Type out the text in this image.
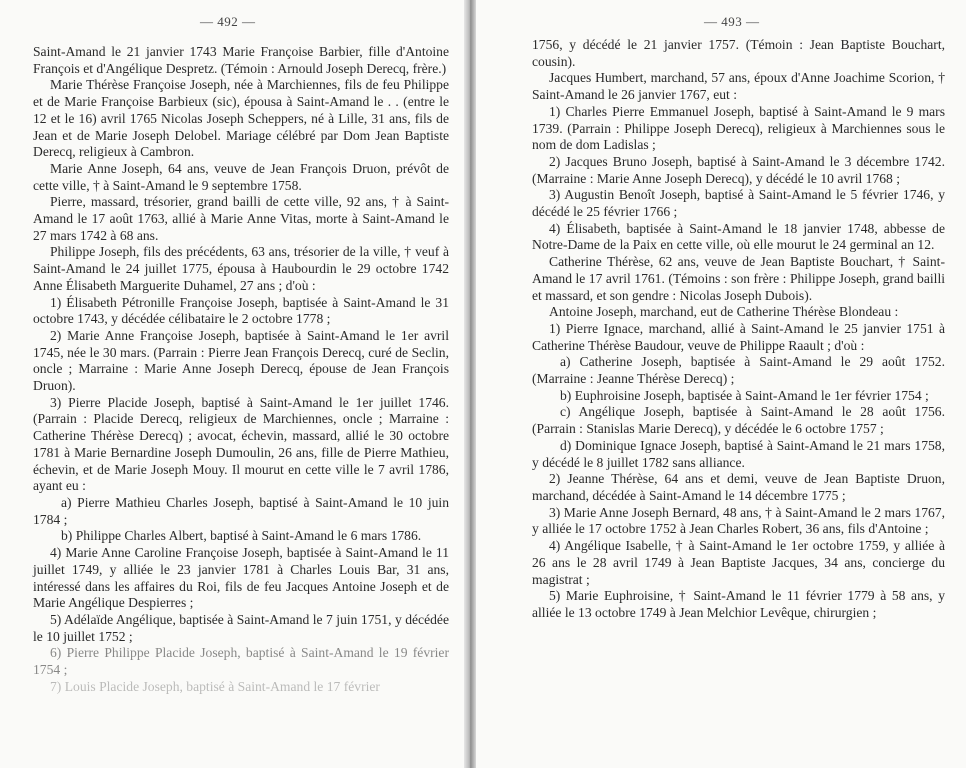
— 492 —

Saint-Amand le 21 janvier 1743 Marie Françoise Barbier, fille d'Antoine François et d'Angélique Despretz. (Témoin : Arnould Joseph Derecq, frère.)

Marie Thérèse Françoise Joseph, née à Marchiennes, fils de feu Philippe et de Marie Françoise Barbieux (sic), épousa à Saint-Amand le . . (entre le 12 et le 16) avril 1765 Nicolas Joseph Scheppers, né à Lille, 31 ans, fils de Jean et de Marie Joseph Delobel. Mariage célébré par Dom Jean Baptiste Derecq, religieux à Cambron.

Marie Anne Joseph, 64 ans, veuve de Jean François Druon, prévôt de cette ville, † à Saint-Amand le 9 septembre 1758.

Pierre, massard, trésorier, grand bailli de cette ville, 92 ans, † à Saint-Amand le 17 août 1763, allié à Marie Anne Vitas, morte à Saint-Amand le 27 mars 1742 à 68 ans.

Philippe Joseph, fils des précédents, 63 ans, trésorier de la ville, † veuf à Saint-Amand le 24 juillet 1775, épousa à Haubourdin le 29 octobre 1742 Anne Élisabeth Marguerite Duhamel, 27 ans ; d'où :

1) Élisabeth Pétronille Françoise Joseph, baptisée à Saint-Amand le 31 octobre 1743, y décédée célibataire le 2 octobre 1778 ;

2) Marie Anne Françoise Joseph, baptisée à Saint-Amand le 1er avril 1745, née le 30 mars. (Parrain : Pierre Jean François Derecq, curé de Seclin, oncle ; Marraine : Marie Anne Joseph Derecq, épouse de Jean François Druon).

3) Pierre Placide Joseph, baptisé à Saint-Amand le 1er juillet 1746. (Parrain : Placide Derecq, religieux de Marchiennes, oncle ; Marraine : Catherine Thérèse Derecq) ; avocat, échevin, massard, allié le 30 octobre 1781 à Marie Bernardine Joseph Dumoulin, 26 ans, fille de Pierre Mathieu, échevin, et de Marie Joseph Mouy. Il mourut en cette ville le 7 avril 1786, ayant eu :

a) Pierre Mathieu Charles Joseph, baptisé à Saint-Amand le 10 juin 1784 ;

b) Philippe Charles Albert, baptisé à Saint-Amand le 6 mars 1786.

4) Marie Anne Caroline Françoise Joseph, baptisée à Saint-Amand le 11 juillet 1749, y alliée le 23 janvier 1781 à Charles Louis Bar, 31 ans, intéressé dans les affaires du Roi, fils de feu Jacques Antoine Joseph et de Marie Angélique Despierres ;

5) Adélaïde Angélique, baptisée à Saint-Amand le 7 juin 1751, y décédée le 10 juillet 1752 ;

6) Pierre Philippe Placide Joseph, baptisé à Saint-Amand le 19 février 1754 ;

7) Louis Placide Joseph, baptisé à Saint-Amand le 17 février

— 493 —

1756, y décédé le 21 janvier 1757. (Témoin : Jean Baptiste Bouchart, cousin).

Jacques Humbert, marchand, 57 ans, époux d'Anne Joachime Scorion, † Saint-Amand le 26 janvier 1767, eut :

1) Charles Pierre Emmanuel Joseph, baptisé à Saint-Amand le 9 mars 1739. (Parrain : Philippe Joseph Derecq), religieux à Marchiennes sous le nom de dom Ladislas ;

2) Jacques Bruno Joseph, baptisé à Saint-Amand le 3 décembre 1742. (Marraine : Marie Anne Joseph Derecq), y décédé le 10 avril 1768 ;

3) Augustin Benoît Joseph, baptisé à Saint-Amand le 5 février 1746, y décédé le 25 février 1766 ;

4) Élisabeth, baptisée à Saint-Amand le 18 janvier 1748, abbesse de Notre-Dame de la Paix en cette ville, où elle mourut le 24 germinal an 12.

Catherine Thérèse, 62 ans, veuve de Jean Baptiste Bouchart, † Saint-Amand le 17 avril 1761. (Témoins : son frère : Philippe Joseph, grand bailli et massard, et son gendre : Nicolas Joseph Dubois).

Antoine Joseph, marchand, eut de Catherine Thérèse Blondeau :

1) Pierre Ignace, marchand, allié à Saint-Amand le 25 janvier 1751 à Catherine Thérèse Baudour, veuve de Philippe Raault ; d'où :

a) Catherine Joseph, baptisée à Saint-Amand le 29 août 1752. (Marraine : Jeanne Thérèse Derecq) ;

b) Euphroisine Joseph, baptisée à Saint-Amand le 1er février 1754 ;

c) Angélique Joseph, baptisée à Saint-Amand le 28 août 1756. (Parrain : Stanislas Marie Derecq), y décédée le 6 octobre 1757 ;

d) Dominique Ignace Joseph, baptisé à Saint-Amand le 21 mars 1758, y décédé le 8 juillet 1782 sans alliance.

2) Jeanne Thérèse, 64 ans et demi, veuve de Jean Baptiste Druon, marchand, décédée à Saint-Amand le 14 décembre 1775 ;

3) Marie Anne Joseph Bernard, 48 ans, † à Saint-Amand le 2 mars 1767, y alliée le 17 octobre 1752 à Jean Charles Robert, 36 ans, fils d'Antoine ;

4) Angélique Isabelle, † à Saint-Amand le 1er octobre 1759, y alliée à 26 ans le 28 avril 1749 à Jean Baptiste Jacques, 34 ans, concierge du magistrat ;

5) Marie Euphroisine, † Saint-Amand le 11 février 1779 à 58 ans, y alliée le 13 octobre 1749 à Jean Melchior Levêque, chirurgien ;
